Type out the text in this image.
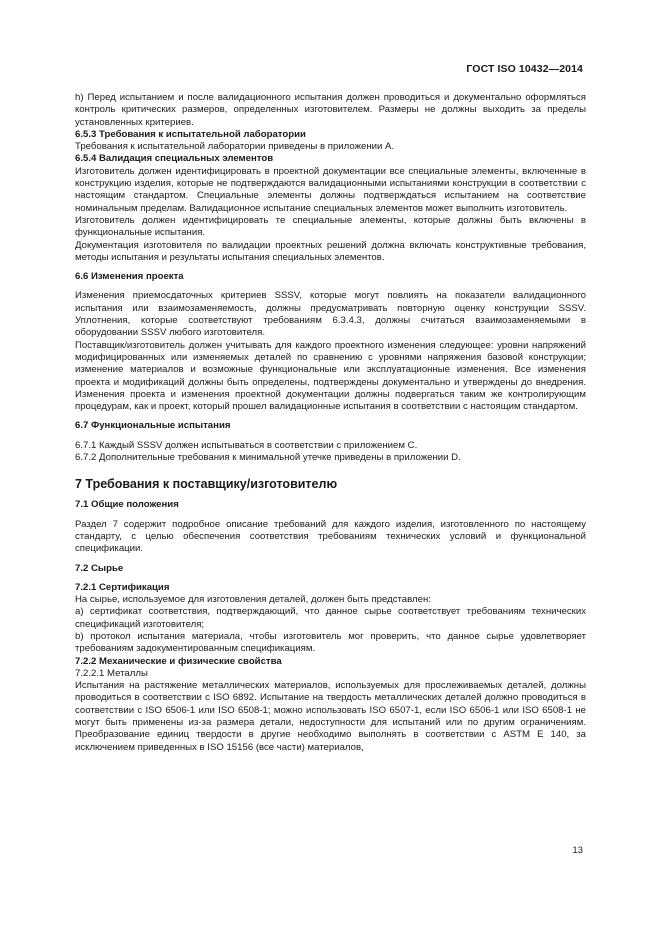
ГОСТ ISO 10432—2014

h) Перед испытанием и после валидационного испытания должен проводиться и документально оформляться контроль критических размеров, определенных изготовителем. Размеры не должны выходить за пределы установленных критериев.

6.5.3 Требования к испытательной лаборатории

Требования к испытательной лаборатории приведены в приложении А.

6.5.4 Валидация специальных элементов

Изготовитель должен идентифицировать в проектной документации все специальные элементы, включенные в конструкцию изделия, которые не подтверждаются валидационными испытаниями конструкции в соответствии с настоящим стандартом. Специальные элементы должны подтверждаться испытанием на соответствие номинальным пределам. Валидационное испытание специальных элементов может выполнить изготовитель.

Изготовитель должен идентифицировать те специальные элементы, которые должны быть включены в функциональные испытания.

Документация изготовителя по валидации проектных решений должна включать конструктивные требования, методы испытания и результаты испытания специальных элементов.

6.6 Изменения проекта

Изменения приемосдаточных критериев SSSV, которые могут повлиять на показатели валидационного испытания или взаимозаменяемость, должны предусматривать повторную оценку конструкции SSSV. Уплотнения, которые соответствуют требованиям 6.3.4.3, должны считаться взаимозаменяемыми в оборудовании SSSV любого изготовителя.

Поставщик/изготовитель должен учитывать для каждого проектного изменения следующее: уровни напряжений модифицированных или изменяемых деталей по сравнению с уровнями напряжения базовой конструкции; изменение материалов и возможные функциональные или эксплуатационные изменения. Все изменения проекта и модификаций должны быть определены, подтверждены документально и утверждены до внедрения. Изменения проекта и изменения проектной документации должны подвергаться таким же контролирующим процедурам, как и проект, который прошел валидационные испытания в соответствии с настоящим стандартом.

6.7 Функциональные испытания

6.7.1 Каждый SSSV должен испытываться в соответствии с приложением С.

6.7.2 Дополнительные требования к минимальной утечке приведены в приложении D.

7 Требования к поставщику/изготовителю

7.1 Общие положения

Раздел 7 содержит подробное описание требований для каждого изделия, изготовленного по настоящему стандарту, с целью обеспечения соответствия требованиям технических условий и функциональной спецификации.

7.2 Сырье

7.2.1 Сертификация

На сырье, используемое для изготовления деталей, должен быть представлен:

а) сертификат соответствия, подтверждающий, что данное сырье соответствует требованиям технических спецификаций изготовителя;

b) протокол испытания материала, чтобы изготовитель мог проверить, что данное сырье удовлетворяет требованиям задокументированным спецификациям.

7.2.2 Механические и физические свойства

7.2.2.1 Металлы

Испытания на растяжение металлических материалов, используемых для прослеживаемых деталей, должны проводиться в соответствии с ISO 6892. Испытание на твердость металлических деталей должно проводиться в соответствии с ISO 6506-1 или ISO 6508-1; можно использовать ISO 6507-1, если ISO 6506-1 или ISO 6508-1 не могут быть применены из-за размера детали, недоступности для испытаний или по другим ограничениям. Преобразование единиц твердости в другие необходимо выполнять в соответствии с ASTM Е 140, за исключением приведенных в ISO 15156 (все части) материалов,

13
